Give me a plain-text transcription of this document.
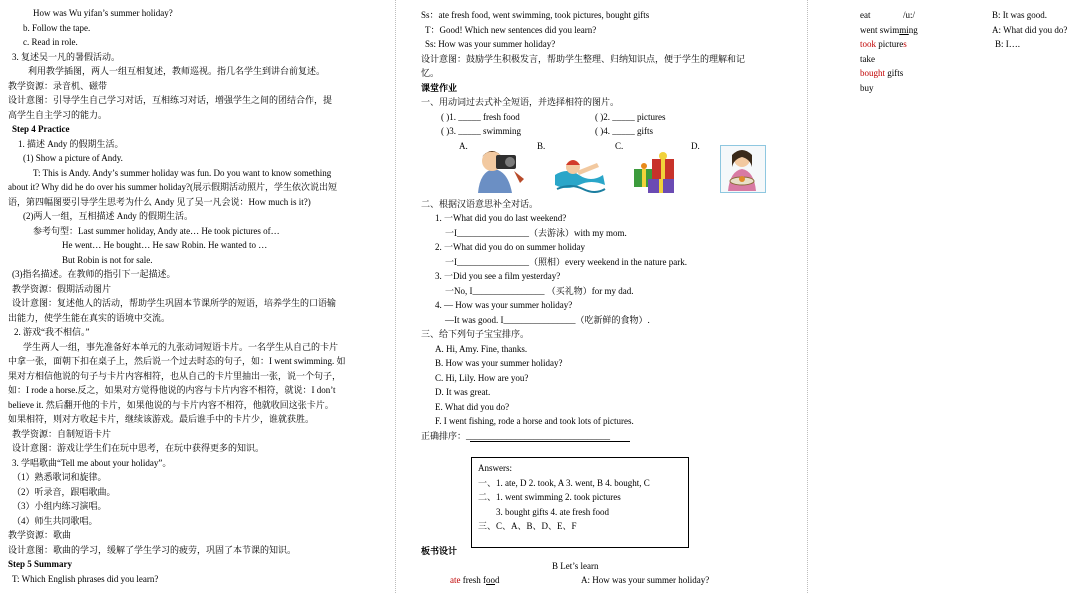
How was Wu yifan’s summer holiday?
b. Follow the tape.
c. Read in role.
3. 复述吴一凡的暑假活动。
利用教学插图，两人一组互相复述，教师巡视。指几名学生到讲台前复述。
教学资源：录音机、磁带
设计意图：引导学生自己学习对话，互相练习对话，增强学生之间的团结合作，提
高学生自主学习的能力。
Step 4 Practice
1. 描述 Andy 的假期生活。
(1) Show a picture of Andy.
T: This is Andy. Andy’s summer holiday was fun. Do you want to know something
about it? Why did he do over his summer holiday?(展示假期活动照片，学生依次说出短
语，第四幅图要引导学生思考为什么 Andy 见了吴一凡会说：How much is it?)
(2)两人一组，互相描述 Andy 的假期生活。
参考句型：Last summer holiday, Andy ate… He took pictures of…
He went… He bought… He saw Robin. He wanted to …
But Robin is not for sale.
(3)指名描述。在教师的指引下一起描述。
教学资源：假期活动图片
设计意图：复述他人的活动，帮助学生巩固本节课所学的短语，培养学生的口语输
出能力，使学生能在真实的语境中交流。
2. 游戏“我不相信。”
学生两人一组，事先准备好本单元的九张动词短语卡片。一名学生从自己的卡片
中拿一张，面朝下扣在桌子上，然后说一个过去时态的句子，如：I went swimming. 如
果对方相信他说的句子与卡片内容相符，也从自己的卡片里抽出一张，说一个句子，
如：I rode a horse.反之，如果对方觉得他说的内容与卡片内容不相符，就说：I don’t
believe it. 然后翻开他的卡片，如果他说的与卡片内容不相符，他就收回这张卡片。
如果相符，则对方收起卡片，继续该游戏。最后谁手中的卡片少，谁就获胜。
教学资源：自制短语卡片
设计意图：游戏让学生们在玩中思考，在玩中获得更多的知识。
3. 学唱歌曲“Tell me about your holiday”。
（1）熟悉歌词和旋律。
（2）听录音，跟唱歌曲。
（3）小组内练习演唱。
（4）师生共同歌唱。
教学资源：歌曲
设计意图：歌曲的学习，缓解了学生学习的疲劳，巩固了本节课的知识。
Step 5 Summary
T: Which English phrases did you learn?
Ss：ate fresh food, went swimming, took pictures, bought gifts
T：Good! Which new sentences did you learn?
Ss: How was your summer holiday?
设计意图：鼓励学生积极发言，帮助学生整理、归纳知识点，便于学生的理解和记
忆。
课堂作业
一、用动词过去式补全短语，并选择相符的图片。
( )1. _____ fresh food	( )2. _____ pictures
( )3. _____ swimming	( )4. _____ gifts
A.	B.	C.	D.
二、根据汉语意思补全对话。
1. 一What did you do last weekend?
一I________________（去游泳）with my mom.
2. 一What did you do on summer holiday
一I________________（照相）every weekend in the nature park.
3. 一Did you see a film yesterday?
一No, I________________ （买礼物）for my dad.
4. — How was your summer holiday?
—It was good. I________________（吃新鲜的食物）.
三、给下列句子宝宝排序。
A. Hi, Amy. Fine, thanks.
B. How was your summer holiday?
C. Hi, Lily. How are you?
D. It was great.
E. What did you do?
F. I went fishing, rode a horse and took lots of pictures.
正确排序：________________________________
板书设计
B Let’s learn
ate fresh food	A: How was your summer holiday?
Answers:
一、1. ate, D 2. took, A 3. went, B 4. bought, C
二、1. went swimming 2. took pictures
3. bought gifts 4. ate fresh food
三、C、A、B、D、E、F
eat	/u:/	B: It was good.
went swimming	A: What did you do?
took pictures	B: I….
take
bought gifts
buy
